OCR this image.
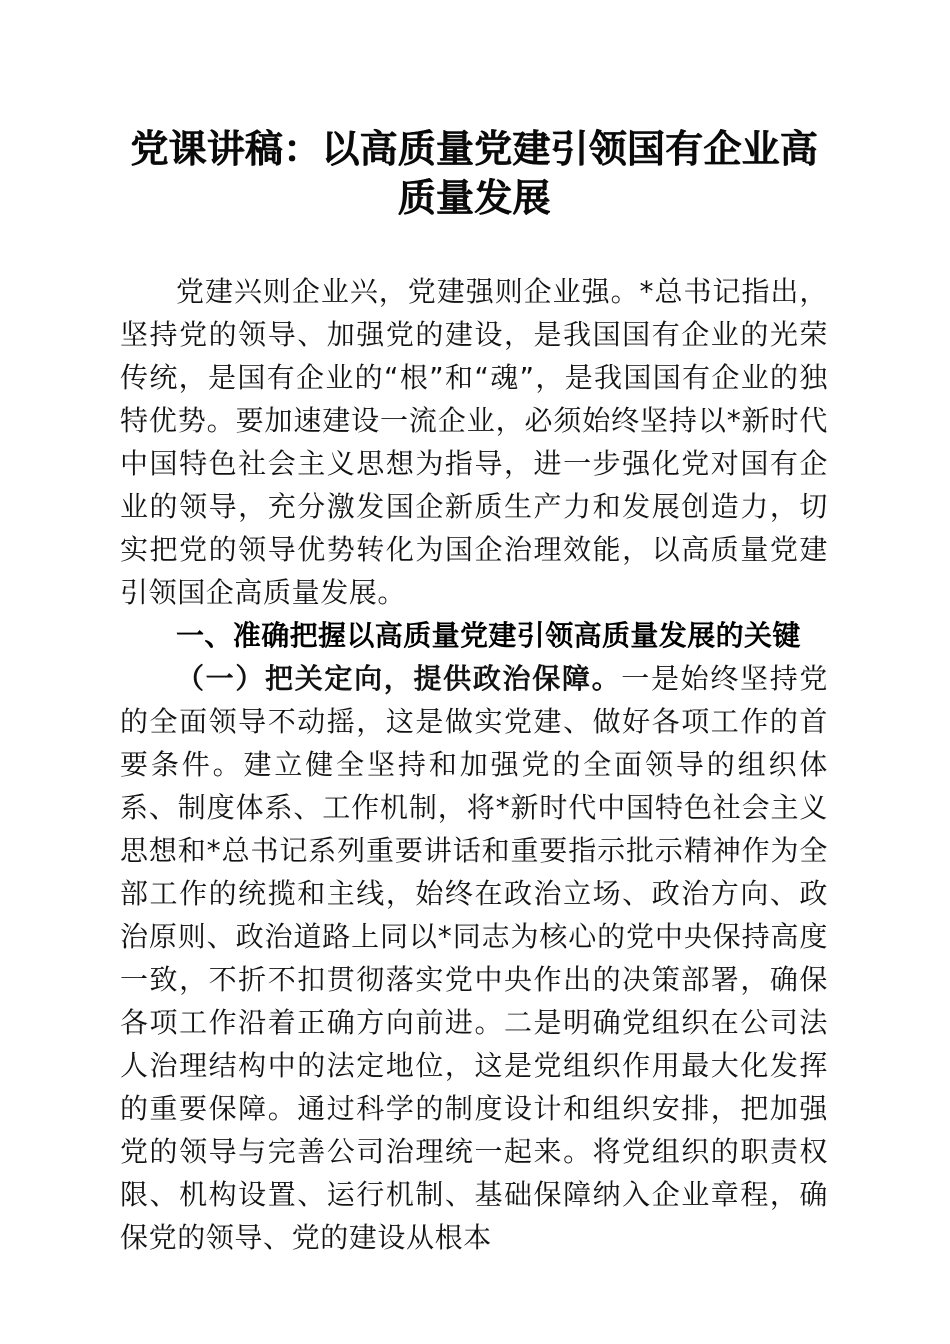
党课讲稿：以高质量党建引领国有企业高质量发展

党建兴则企业兴，党建强则企业强。*总书记指出，坚持党的领导、加强党的建设，是我国国有企业的光荣传统，是国有企业的“根”和“魂”，是我国国有企业的独特优势。要加速建设一流企业，必须始终坚持以*新时代中国特色社会主义思想为指导，进一步强化党对国有企业的领导，充分激发国企新质生产力和发展创造力，切实把党的领导优势转化为国企治理效能，以高质量党建引领国企高质量发展。

一、准确把握以高质量党建引领高质量发展的关键

（一）把关定向，提供政治保障。一是始终坚持党的全面领导不动摇，这是做实党建、做好各项工作的首要条件。建立健全坚持和加强党的全面领导的组织体系、制度体系、工作机制，将*新时代中国特色社会主义思想和*总书记系列重要讲话和重要指示批示精神作为全部工作的统揽和主线，始终在政治立场、政治方向、政治原则、政治道路上同以*同志为核心的党中央保持高度一致，不折不扣贯彻落实党中央作出的决策部署，确保各项工作沿着正确方向前进。二是明确党组织在公司法人治理结构中的法定地位，这是党组织作用最大化发挥的重要保障。通过科学的制度设计和组织安排，把加强党的领导与完善公司治理统一起来。将党组织的职责权限、机构设置、运行机制、基础保障纳入企业章程，确保党的领导、党的建设从根本
